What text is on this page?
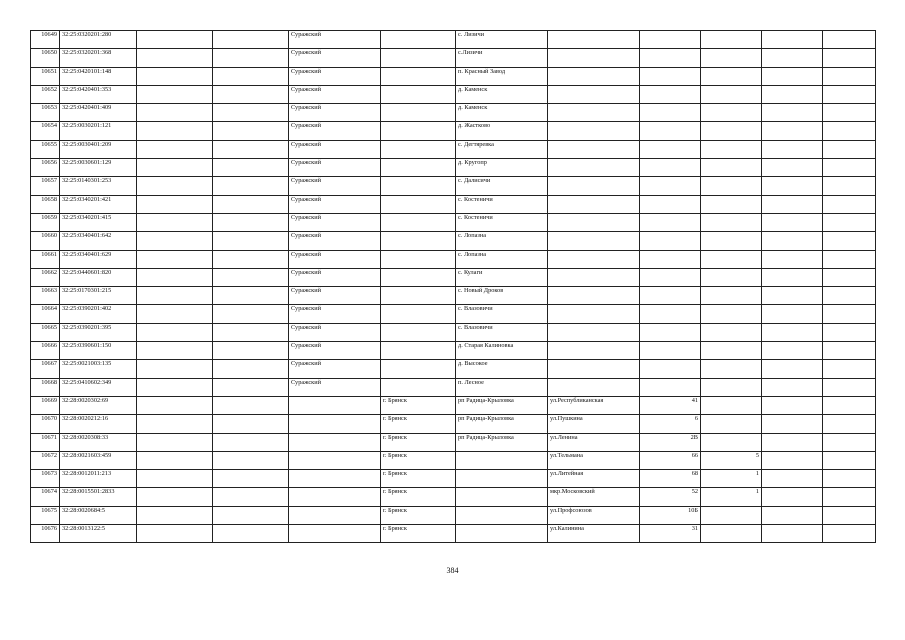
10649	32:25:0320201:280			Суражский		с. Лизичи					
10650	32:25:0320201:368			Суражский		с.Лизичи					
10651	32:25:0420101:148			Суражский		п. Красный Завод					
10652	32:25:0420401:353			Суражский		д. Каменск					
10653	32:25:0420401:409			Суражский		д. Каменск					
10654	32:25:0030201:121			Суражский		д. Жастково					
10655	32:25:0030401:209			Суражский		с. Дегтяревка					
10656	32:25:0030601:129			Суражский		д. Кругопр					
10657	32:25:0140301:253			Суражский		с. Далисичи					
10658	32:25:0340201:421			Суражский		с. Костеничи					
10659	32:25:0340201:415			Суражский		с. Костеничи					
10660	32:25:0340401:642			Суражский		с. Лопазна					
10661	32:25:0340401:629			Суражский		с. Лопазна					
10662	32:25:0440601:820			Суражский		с. Кулаги					
10663	32:25:0170301:215			Суражский		с. Новый Дроков					
10664	32:25:0390201:402			Суражский		с. Влазовичи					
10665	32:25:0390201:395			Суражский		с. Влазовичи					
10666	32:25:0390601:150			Суражский		д. Старая Калиновка					
10667	32:25:0021003:135			Суражский		д. Высокое					
10668	32:25:0410602:349			Суражский		п. Лесное					
10669	32:28:0020302:69				г. Брянск	рп Радица-Крыловка	ул.Республиканская	41			
10670	32:28:0020212:16				г. Брянск	рп Радица-Крыловка	ул.Пушкина	6			
10671	32:28:0020308:33				г. Брянск	рп Радица-Крыловка	ул.Ленина	2В			
10672	32:28:0021603:459				г. Брянск		ул.Тельмана	66	5		
10673	32:28:0012011:213				г. Брянск		ул.Литейная	68	1		
10674	32:28:0015501:2833				г. Брянск		мкр.Московский	52	1		
10675	32:28:0020684:5				г. Брянск		ул.Профсоюзов	10Б			
10676	32:28:0013122:5				г. Брянск		ул.Калинина	31			
384
